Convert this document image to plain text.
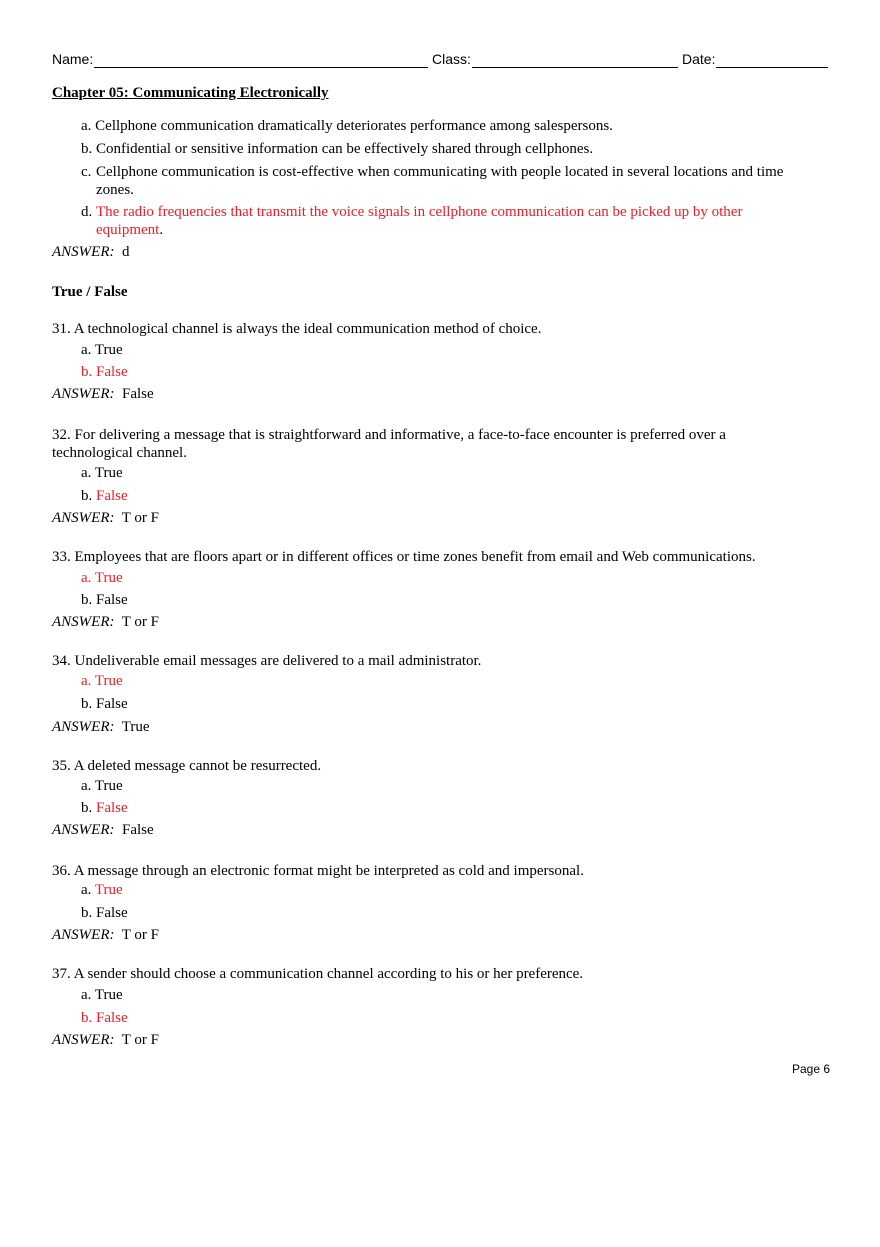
Name:	Class:	Date:
Chapter 05: Communicating Electronically
a. Cellphone communication dramatically deteriorates performance among salespersons.
b. Confidential or sensitive information can be effectively shared through cellphones.
c. Cellphone communication is cost-effective when communicating with people located in several locations and time zones.
d. The radio frequencies that transmit the voice signals in cellphone communication can be picked up by other equipment.
ANSWER: d
True / False
31. A technological channel is always the ideal communication method of choice.
a. True
b. False
ANSWER: False
32. For delivering a message that is straightforward and informative, a face-to-face encounter is preferred over a technological channel.
a. True
b. False
ANSWER: T or F
33. Employees that are floors apart or in different offices or time zones benefit from email and Web communications.
a. True
b. False
ANSWER: T or F
34. Undeliverable email messages are delivered to a mail administrator.
a. True
b. False
ANSWER: True
35. A deleted message cannot be resurrected.
a. True
b. False
ANSWER: False
36. A message through an electronic format might be interpreted as cold and impersonal.
a. True
b. False
ANSWER: T or F
37. A sender should choose a communication channel according to his or her preference.
a. True
b. False
ANSWER: T or F
Page 6
